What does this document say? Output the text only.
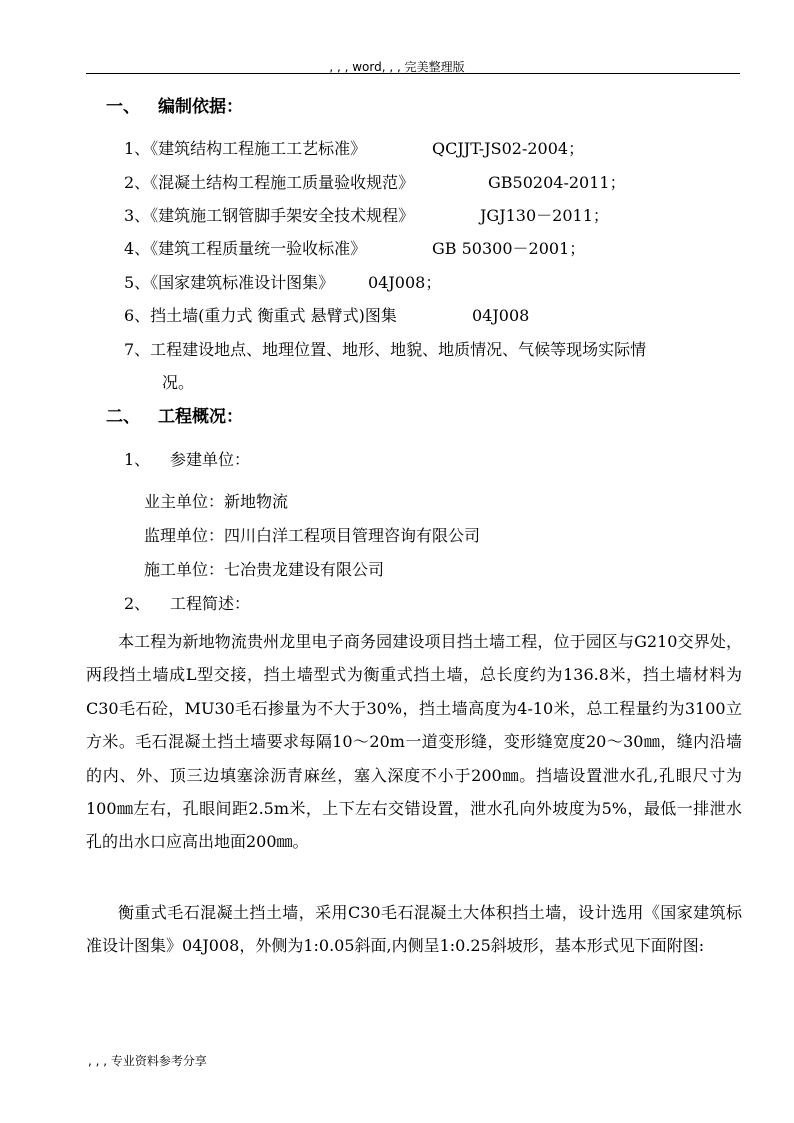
, , , word, , , 完美整理版
一、 编制依据：
1、《建筑结构工程施工工艺标准》	QCJJT-JS02-2004；
2、《混凝土结构工程施工质量验收规范》	GB50204-2011；
3、《建筑施工钢管脚手架安全技术规程》	JGJ130－2011；
4、《建筑工程质量统一验收标准》	GB 50300－2001；
5、《国家建筑标准设计图集》 04J008；
6、挡土墙(重力式 衡重式 悬臂式)图集	04J008
7、工程建设地点、地理位置、地形、地貌、地质情况、气候等现场实际情
况。
二、 工程概况：
1、 参建单位：
业主单位：新地物流
监理单位：四川白洋工程项目管理咨询有限公司
施工单位：七冶贵龙建设有限公司
2、 工程简述：
本工程为新地物流贵州龙里电子商务园建设项目挡土墙工程，位于园区与G210交界处，两段挡土墙成L型交接，挡土墙型式为衡重式挡土墙，总长度约为136.8米，挡土墙材料为C30毛石砼，MU30毛石掺量为不大于30%，挡土墙高度为4-10米，总工程量约为3100立方米。毛石混凝土挡土墙要求每隔10～20m一道变形缝，变形缝宽度20～30㎜，缝内沿墙的内、外、顶三边填塞涂沥青麻丝，塞入深度不小于200㎜。挡墙设置泄水孔,孔眼尺寸为100㎜左右，孔眼间距2.5m米，上下左右交错设置，泄水孔向外坡度为5%，最低一排泄水孔的出水口应高出地面200㎜。
衡重式毛石混凝土挡土墙，采用C30毛石混凝土大体积挡土墙，设计选用《国家建筑标准设计图集》04J008，外侧为1:0.05斜面,内侧呈1:0.25斜坡形，基本形式见下面附图:
, , , 专业资料参考分享
